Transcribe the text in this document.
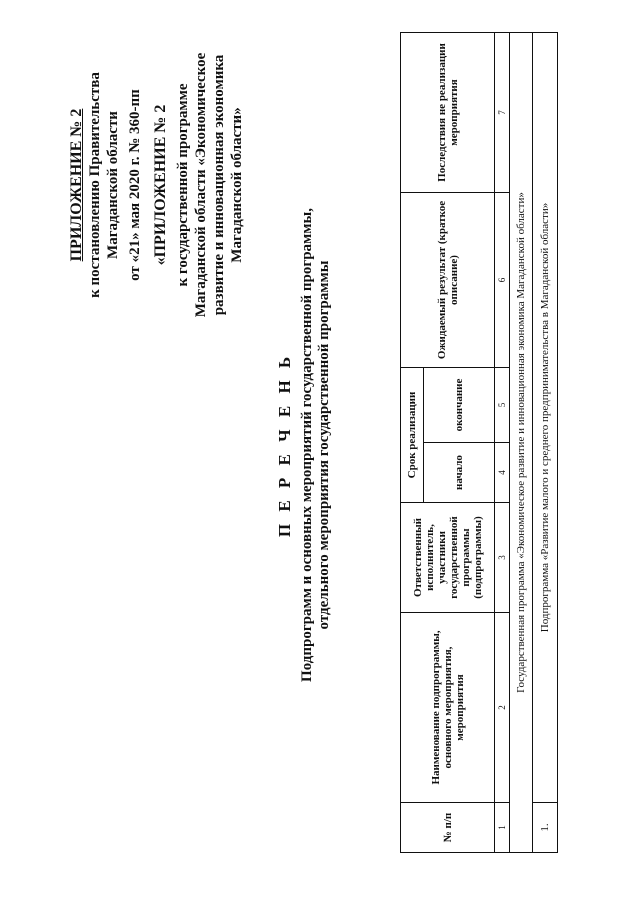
ПРИЛОЖЕНИЕ № 2 к постановлению Правительства Магаданской области от «21» мая 2020 г. № 360-пп «ПРИЛОЖЕНИЕ № 2 к государственной программе Магаданской области «Экономическое развитие и инновационная экономика Магаданской области»
П Е Р Е Ч Е Н Ь Подпрограмм и основных мероприятий государственной программы, отдельного мероприятия государственной программы
№ п/п	Наименование подпрограммы, основного мероприятия, мероприятия	Ответственный исполнитель, участники государственной программы (подпрограммы)	Срок реализации		Ожидаемый результат (краткое описание)	Последствия не реализации мероприятия
			начало	окончание		
1	2	3	4	5	6	7
Государственная программа «Экономическое развитие и инновационная экономика Магаданской области»						
1.	Подпрограмма «Развитие малого и среднего предпринимательства в Магаданской области»					
